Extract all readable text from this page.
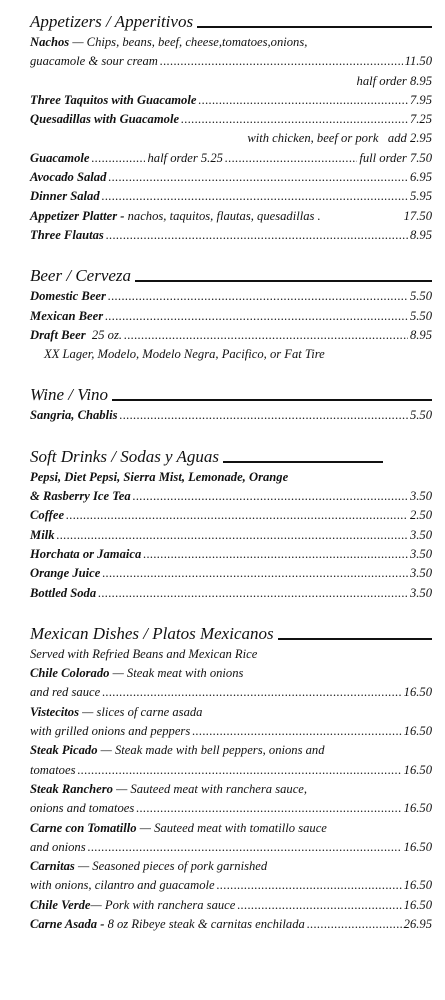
Appetizers / Apperitivos
Nachos — Chips, beans, beef, cheese,tomatoes,onions,
guacamole & sour cream .....	11.50
half order 8.95
Three Taquitos with Guacamole .....	7.95
Quesadillas with Guacamole .....	7.25
with chicken, beef or pork   add 2.95
Guacamole .....	half order 5.25 .....	full order 7.50
Avocado Salad .....	6.95
Dinner Salad .....	5.95
Appetizer Platter - nachos, taquitos, flautas, quesadillas .	17.50
Three Flautas .....	8.95
Beer / Cerveza
Domestic Beer .....	5.50
Mexican Beer .....	5.50
Draft Beer 25 oz. .....	8.95
XX Lager, Modelo, Modelo Negra, Pacifico, or Fat Tire
Wine / Vino
Sangria, Chablis .....	5.50
Soft Drinks / Sodas y Aguas
Pepsi, Diet Pepsi, Sierra Mist, Lemonade, Orange
& Rasberry Ice Tea .....	3.50
Coffee .....	2.50
Milk .....	3.50
Horchata or Jamaica .....	3.50
Orange Juice .....	3.50
Bottled Soda .....	3.50
Mexican Dishes / Platos Mexicanos
Served with Refried Beans and Mexican Rice
Chile Colorado — Steak meat with onions
and red sauce .....	16.50
Vistecitos — slices of carne asada
with grilled onions and peppers .....	16.50
Steak Picado — Steak made with bell peppers, onions and
tomatoes .....	16.50
Steak Ranchero — Sauteed meat with ranchera sauce,
onions and tomatoes .....	16.50
Carne con Tomatillo — Sauteed meat with tomatillo sauce
and onions .....	16.50
Carnitas — Seasoned pieces of pork garnished
with onions, cilantro and guacamole .....	16.50
Chile Verde — Pork with ranchera sauce .....	16.50
Carne Asada - 8 oz Ribeye steak & carnitas enchilada .....	26.95
